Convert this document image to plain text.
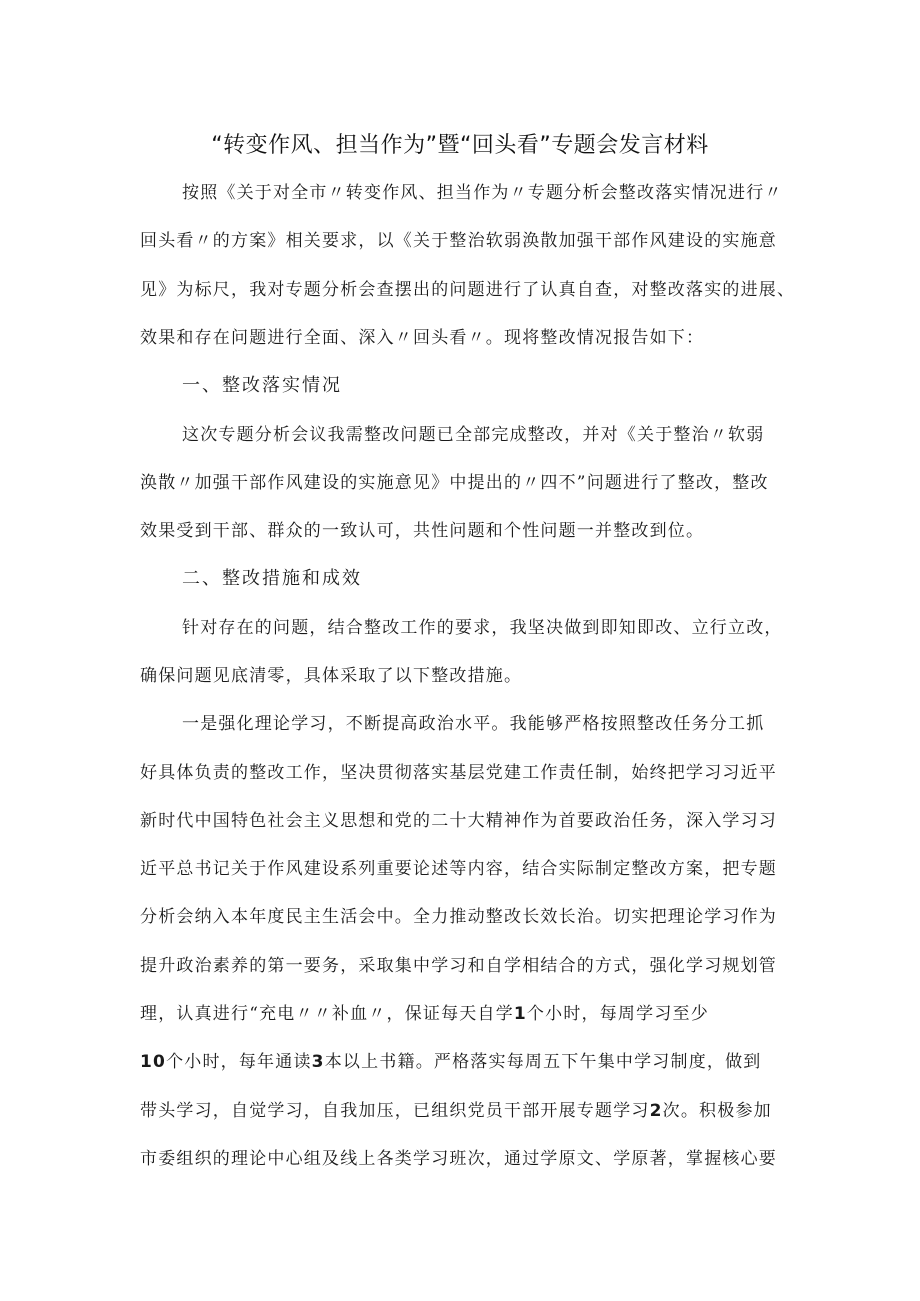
“转变作风、担当作为”暨“回头看”专题会发言材料
按照《关于对全市〃转变作风、担当作为〃专题分析会整改落实情况进行〃
回头看〃的方案》相关要求，以《关于整治软弱涣散加强干部作风建设的实施意
见》为标尺，我对专题分析会查摆出的问题进行了认真自查，对整改落实的进展、
效果和存在问题进行全面、深入〃回头看〃。现将整改情况报告如下：
一、整改落实情况
这次专题分析会议我需整改问题已全部完成整改，并对《关于整治〃软弱
涣散〃加强干部作风建设的实施意见》中提出的〃四不”问题进行了整改，整改
效果受到干部、群众的一致认可，共性问题和个性问题一并整改到位。
二、整改措施和成效
针对存在的问题，结合整改工作的要求，我坚决做到即知即改、立行立改，
确保问题见底清零，具体采取了以下整改措施。
一是强化理论学习，不断提高政治水平。我能够严格按照整改任务分工抓
好具体负责的整改工作，坚决贯彻落实基层党建工作责任制，始终把学习习近平
新时代中国特色社会主义思想和党的二十大精神作为首要政治任务，深入学习习
近平总书记关于作风建设系列重要论述等内容，结合实际制定整改方案，把专题
分析会纳入本年度民主生活会中。全力推动整改长效长治。切实把理论学习作为
提升政治素养的第一要务，采取集中学习和自学相结合的方式，强化学习规划管
理，认真进行“充电〃〃补血〃，保证每天自学1个小时，每周学习至少
10个小时，每年通读3本以上书籍。严格落实每周五下午集中学习制度，做到
带头学习，自觉学习，自我加压，已组织党员干部开展专题学习2次。积极参加
市委组织的理论中心组及线上各类学习班次，通过学原文、学原著，掌握核心要
